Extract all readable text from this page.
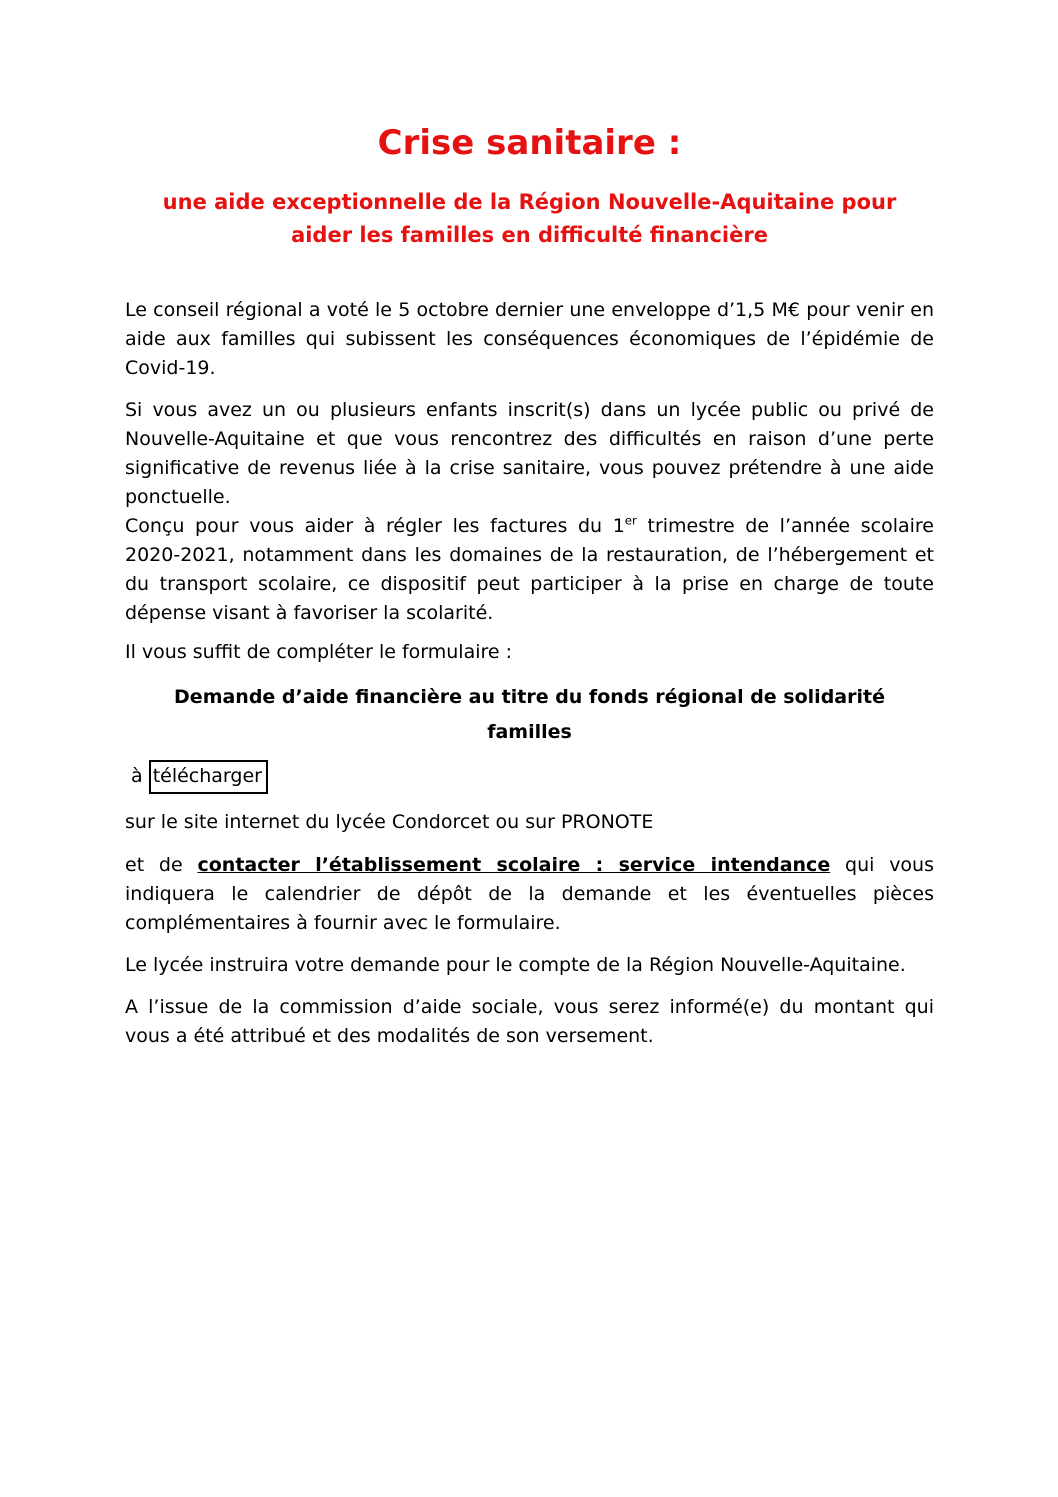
Crise sanitaire :
une aide exceptionnelle de la Région Nouvelle-Aquitaine pour
aider les familles en difficulté financière

Le conseil régional a voté le 5 octobre dernier une enveloppe d’1,5 M€ pour venir en aide aux familles qui subissent les conséquences économiques de l’épidémie de Covid-19.

Si vous avez un ou plusieurs enfants inscrit(s) dans un lycée public ou privé de Nouvelle-Aquitaine et que vous rencontrez des difficultés en raison d’une perte significative de revenus liée à la crise sanitaire, vous pouvez prétendre à une aide ponctuelle.

Conçu pour vous aider à régler les factures du 1er trimestre de l’année scolaire 2020-2021, notamment dans les domaines de la restauration, de l’hébergement et du transport scolaire, ce dispositif peut participer à la prise en charge de toute dépense visant à favoriser la scolarité.

Il vous suffit de compléter le formulaire :

Demande d’aide financière au titre du fonds régional de solidarité
familles

à télécharger

sur le site internet du lycée Condorcet ou sur PRONOTE

et de contacter l’établissement scolaire : service intendance qui vous indiquera le calendrier de dépôt de la demande et les éventuelles pièces complémentaires à fournir avec le formulaire.

Le lycée instruira votre demande pour le compte de la Région Nouvelle-Aquitaine.

A l’issue de la commission d’aide sociale, vous serez informé(e) du montant qui vous a été attribué et des modalités de son versement.
